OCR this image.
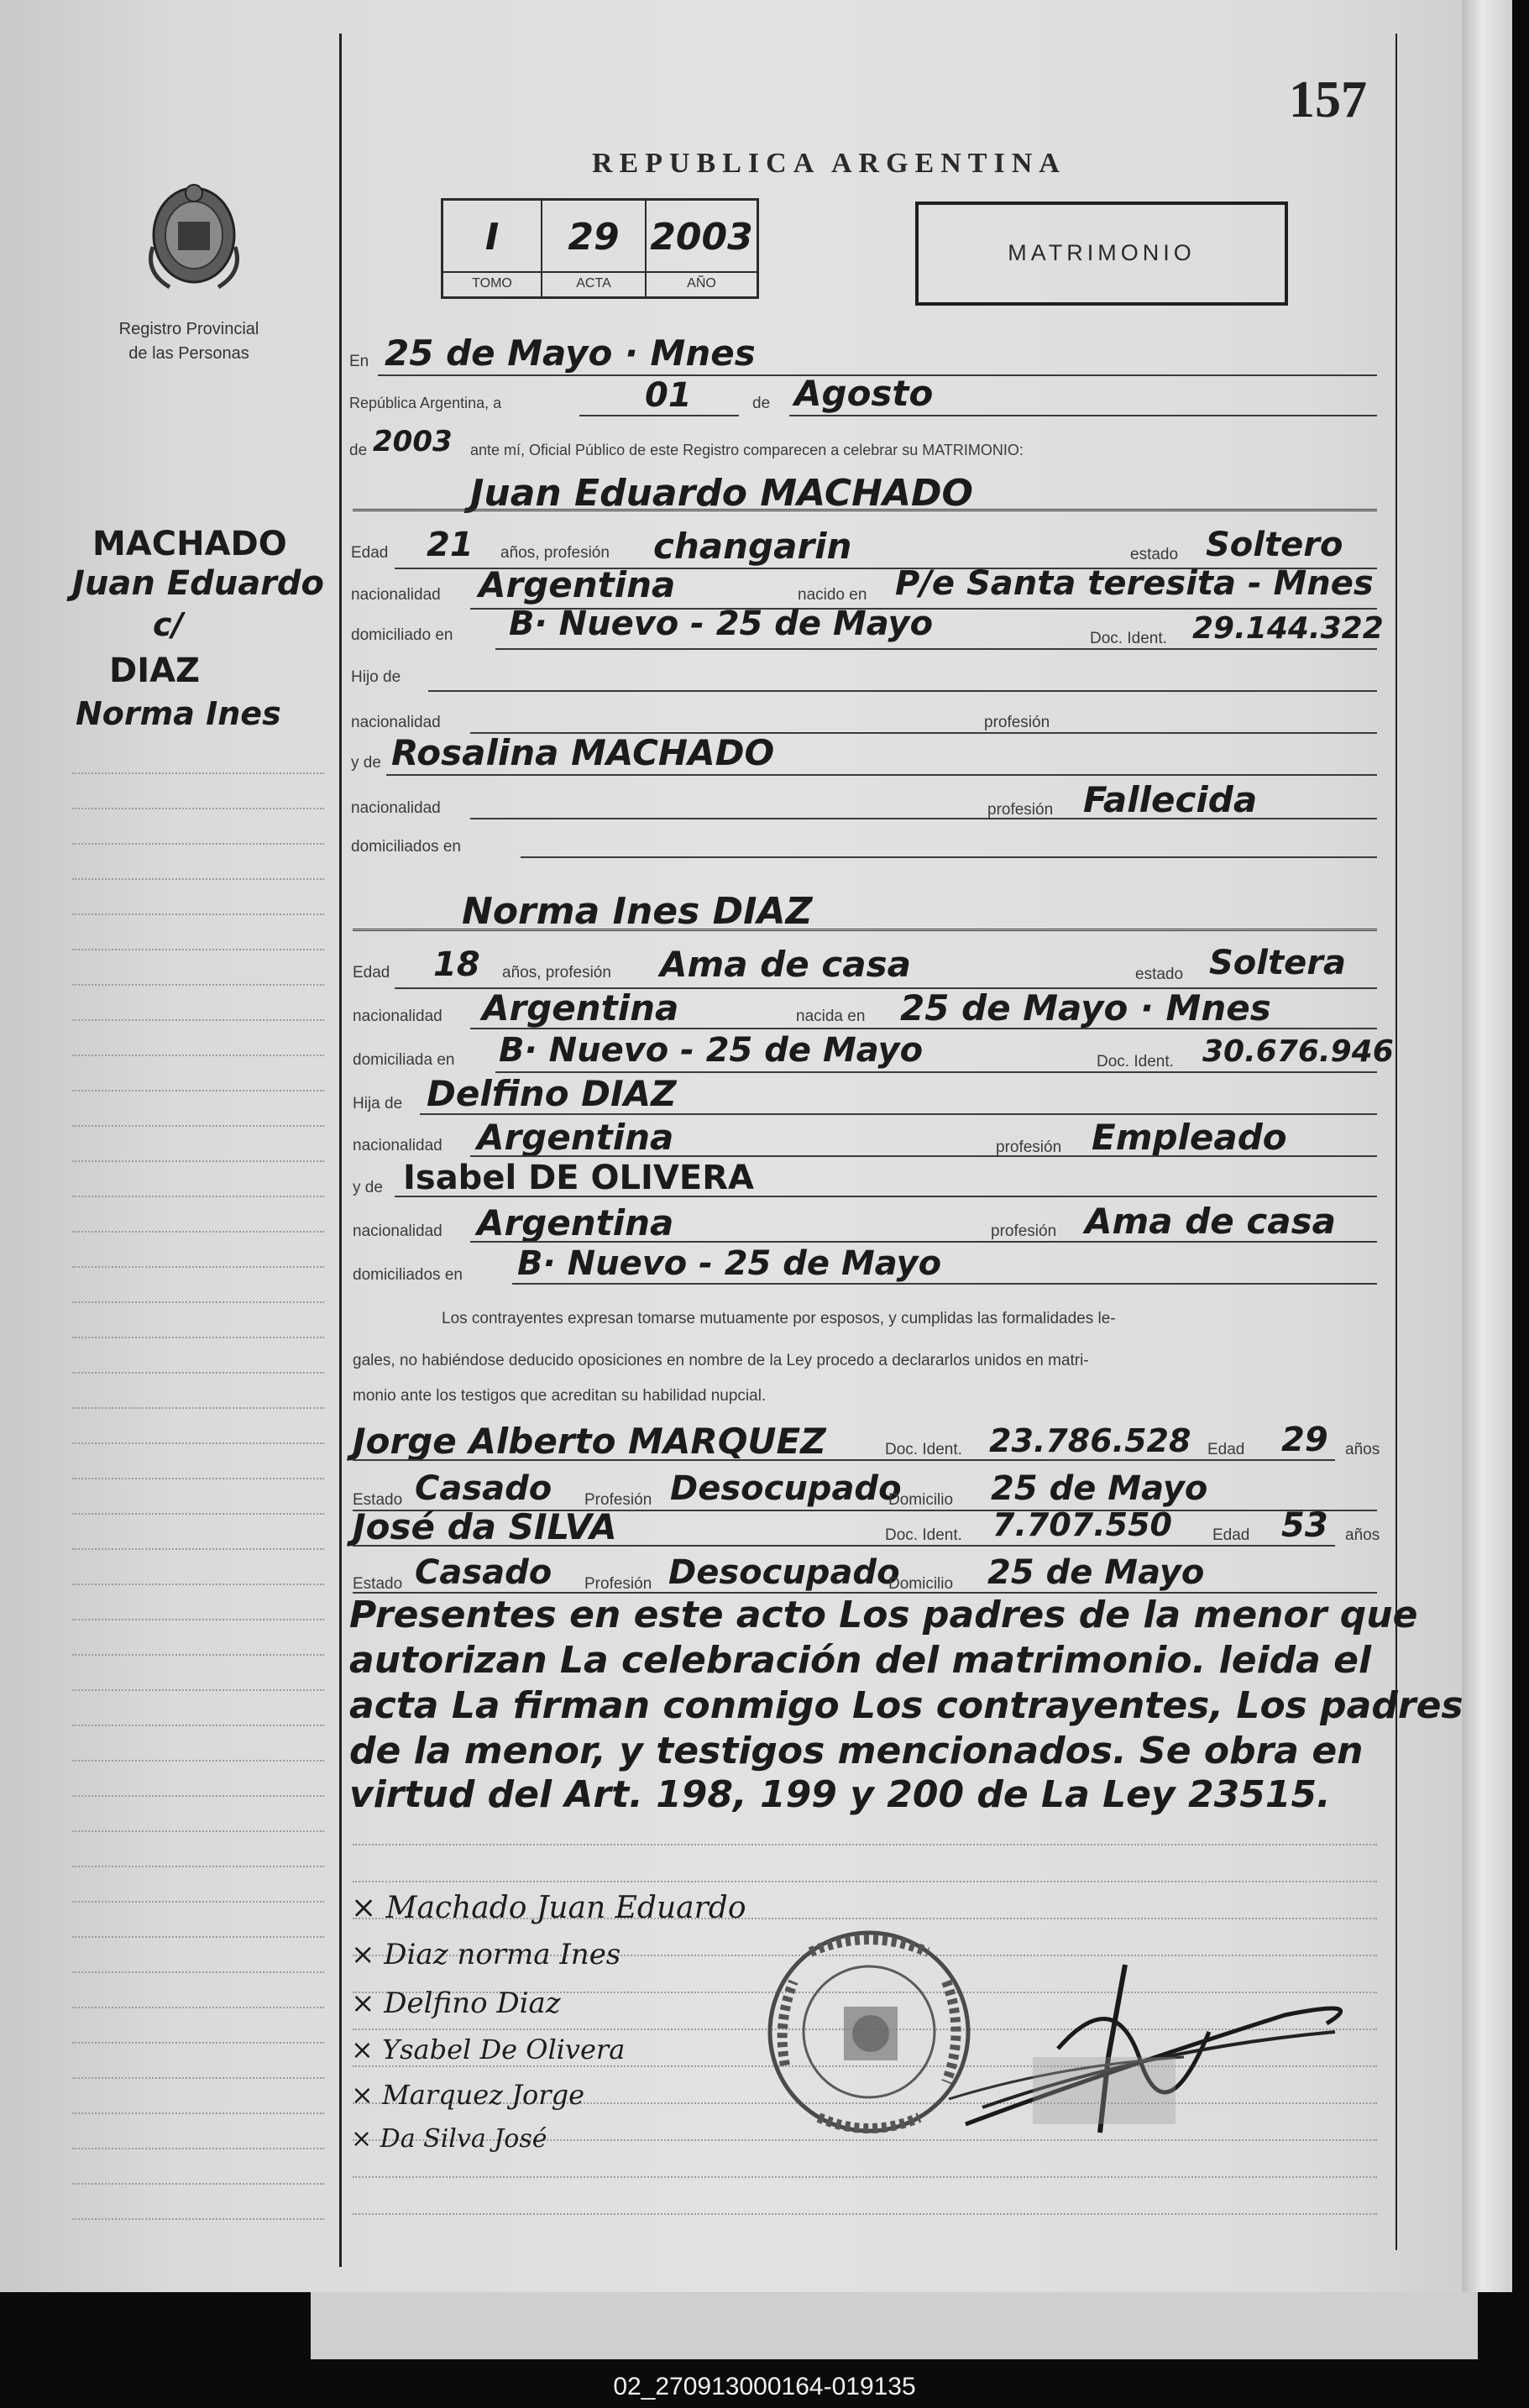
157
REPUBLICA ARGENTINA
Registro Provincial
de las Personas
I
TOMO
29
ACTA
2003
AÑO
MATRIMONIO
MACHADO
Juan Eduardo
c/
DIAZ
Norma Ines
En 25 de Mayo · Mnes
República Argentina, a	01	de Agosto
de 2003 ante mí, Oficial Público de este Registro comparecen a celebrar su MATRIMONIO:
Juan Eduardo MACHADO
Edad 21 años, profesión changarin	estado Soltero
nacionalidad Argentina	nacido en P/e Santa teresita - Mnes
domiciliado en B· Nuevo - 25 de Mayo	Doc. Ident. 29.144.322
Hijo de
nacionalidad	profesión
y de Rosalina MACHADO
nacionalidad	profesión Fallecida
domiciliados en
Norma Ines DIAZ
Edad 18 años, profesión Ama de casa	estado Soltera
nacionalidad Argentina	nacida en 25 de Mayo · Mnes
domiciliada en B· Nuevo - 25 de Mayo	Doc. Ident. 30.676.946
Hija de Delfino DIAZ
nacionalidad Argentina	profesión Empleado
y de Isabel DE OLIVERA
nacionalidad Argentina	profesión Ama de casa
domiciliados en B· Nuevo - 25 de Mayo
Los contrayentes expresan tomarse mutuamente por esposos, y cumplidas las formalidades le-
gales, no habiéndose deducido oposiciones en nombre de la Ley procedo a declararlos unidos en matri-
monio ante los testigos que acreditan su habilidad nupcial.
Jorge Alberto MARQUEZ	Doc. Ident. 23.786.528 Edad 29 años
Estado Casado Profesión Desocupado
Domicilio 25 de Mayo
José da SILVA	Doc. Ident. 7.707.550	Edad 53 años
Estado Casado Profesión Desocupado
Domicilio 25 de Mayo
Presentes en este acto Los padres de la menor que
autorizan La celebración del matrimonio. leida el
acta La firman conmigo Los contrayentes, Los padres
de la menor, y testigos mencionados. Se obra en
virtud del Art. 198, 199 y 200 de La Ley 23515.
× Machado Juan Eduardo
× Diaz norma Ines
× Delfino Diaz
× Ysabel De Olivera
× Marquez Jorge
× Da Silva José
02_270913000164-019135
